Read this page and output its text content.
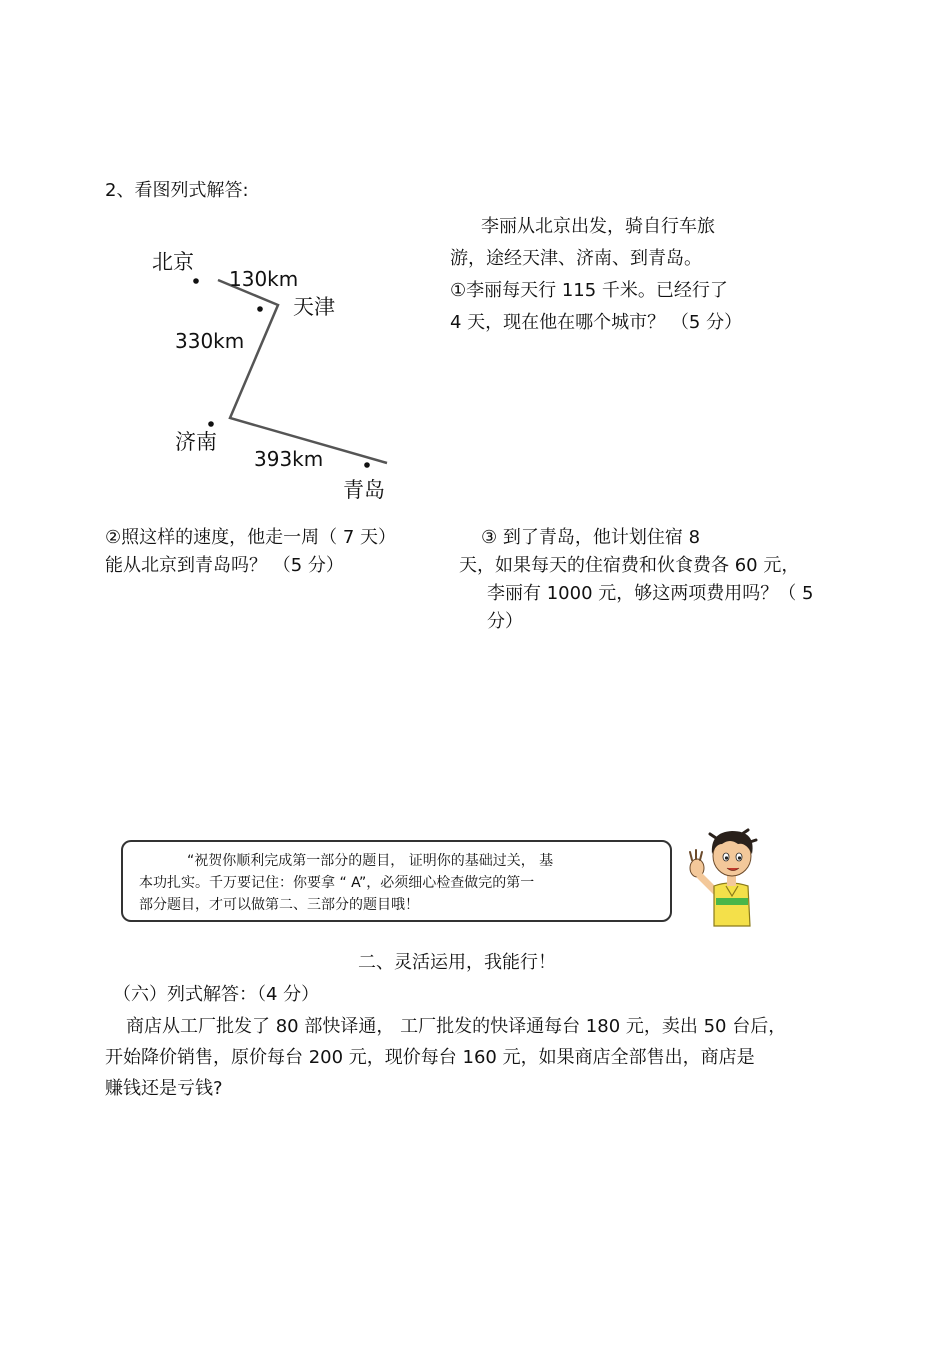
2、看图列式解答:
北京
130km
天津
330km
济南
393km
青岛
李丽从北京出发，骑自行车旅
游，途经天津、济南、到青岛。
①李丽每天行 115 千米。已经行了
4 天，现在他在哪个城市？ （5 分）
②照这样的速度，他走一周（ 7 天）
能从北京到青岛吗？ （5 分）
③ 到了青岛，他计划住宿 8
天，如果每天的住宿费和伙食费各 60 元，
李丽有 1000 元，够这两项费用吗？（ 5
分）
“祝贺你顺利完成第一部分的题目， 证明你的基础过关， 基
本功扎实。千万要记住：你要拿 “ A”，必须细心检查做完的第一
部分题目，才可以做第二、三部分的题目哦！
二、灵活运用，我能行！
（六）列式解答：（4 分）
商店从工厂批发了 80 部快译通， 工厂批发的快译通每台 180 元，卖出 50 台后，
开始降价销售，原价每台 200 元，现价每台 160 元，如果商店全部售出，商店是
赚钱还是亏钱?
